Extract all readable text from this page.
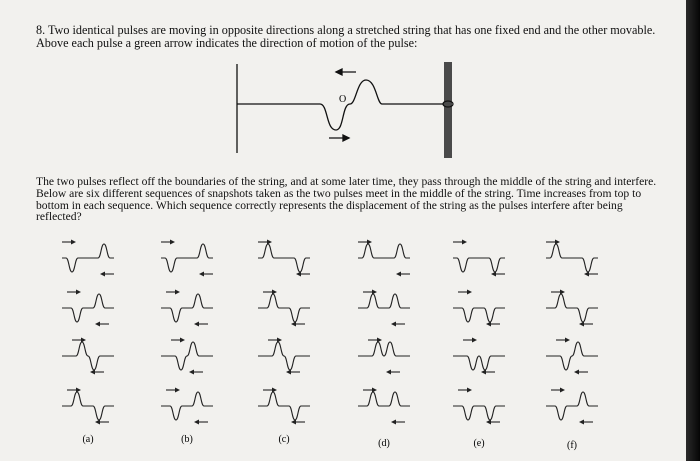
8. Two identical pulses are moving in opposite directions along a stretched string that has one fixed end and the other movable. Above each pulse a green arrow indicates the direction of motion of the pulse:

O

The two pulses reflect off the boundaries of the string, and at some later time, they pass through the middle of the string and interfere. Below are six different sequences of snapshots taken as the two pulses meet in the middle of the string. Time increases from top to bottom in each sequence. Which sequence correctly represents the displacement of the string as the pulses interfere after being reflected?

(a)	(b)	(c)	(d)	(e)	(f)
